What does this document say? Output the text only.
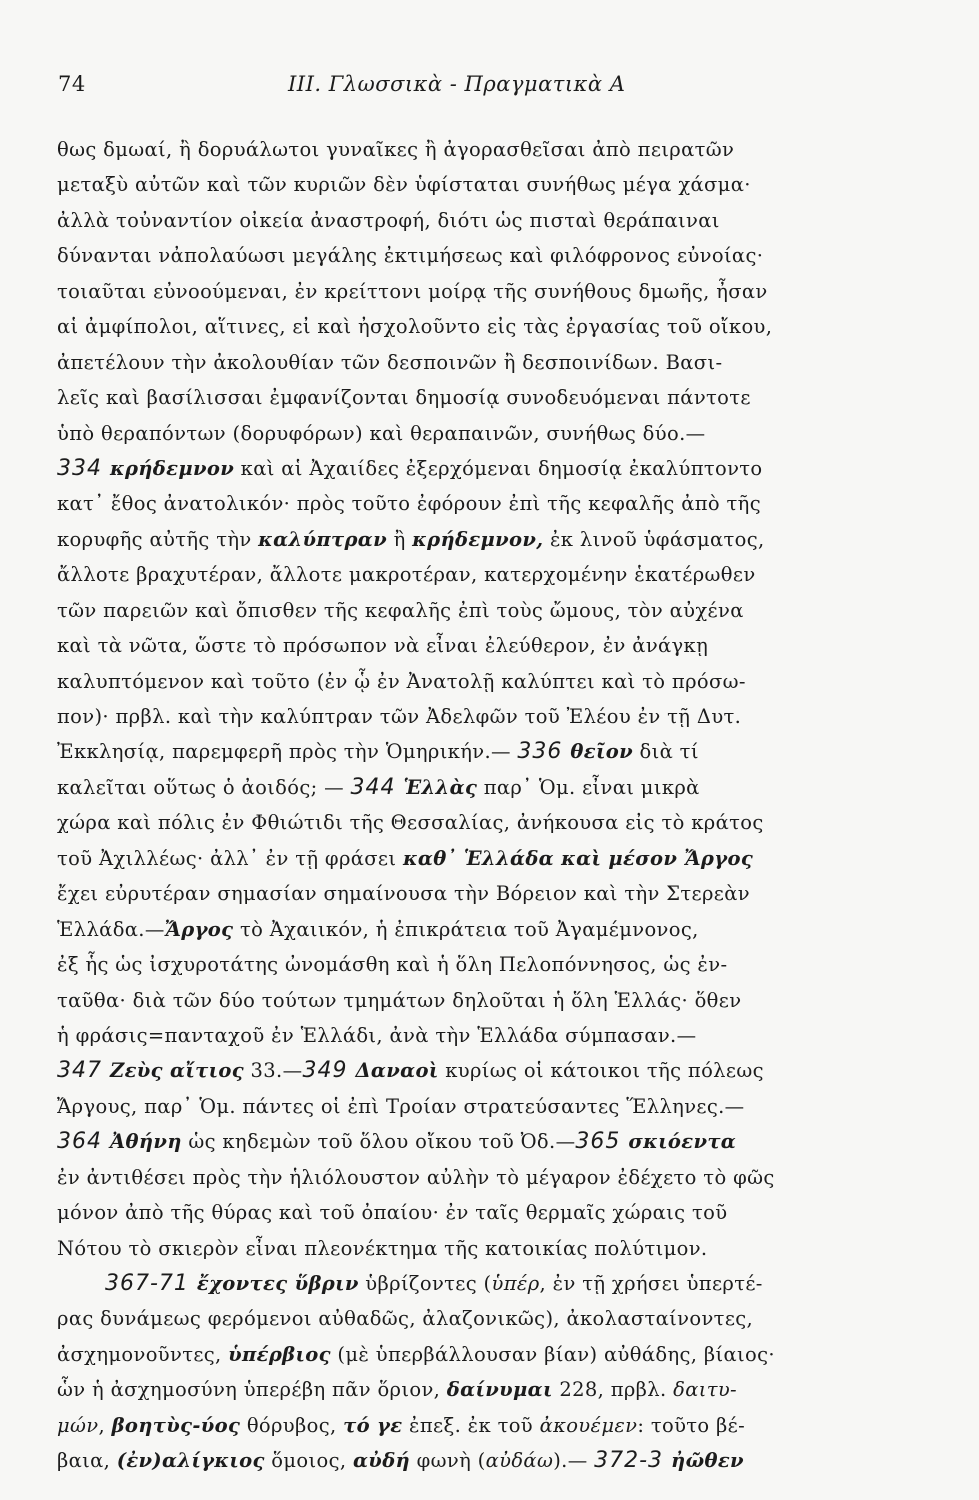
74	III. Γλωσσικὰ - Πραγματικὰ Α
θως δμωαί, ἢ δορυάλωτοι γυναῖκες ἢ ἀγορασθεῖσαι ἀπὸ πειρατῶν
μεταξὺ αὐτῶν καὶ τῶν κυριῶν δὲν ὑφίσταται συνήθως μέγα χάσμα·
ἀλλὰ τοὐναντίον οἰκεία ἀναστροφή, διότι ὡς πισταὶ θεράπαιναι
δύνανται νἀπολαύωσι μεγάλης ἐκτιμήσεως καὶ φιλόφρονος εὐνοίας·
τοιαῦται εὐνοούμεναι, ἐν κρείττονι μοίρᾳ τῆς συνήθους δμωῆς, ἦσαν
αἱ ἀμφίπολοι, αἵτινες, εἰ καὶ ἠσχολοῦντο εἰς τὰς ἐργασίας τοῦ οἴκου,
ἀπετέλουν τὴν ἀκολουθίαν τῶν δεσποινῶν ἢ δεσποινίδων. Βασι-
λεῖς καὶ βασίλισσαι ἐμφανίζονται δημοσίᾳ συνοδευόμεναι πάντοτε
ὑπὸ θεραπόντων (δορυφόρων) καὶ θεραπαινῶν, συνήθως δύο.—
334 κρήδεμνον καὶ αἱ Ἀχαιίδες ἐξερχόμεναι δημοσίᾳ ἐκαλύπτοντο
κατ᾽ ἔθος ἀνατολικόν· πρὸς τοῦτο ἐφόρουν ἐπὶ τῆς κεφαλῆς ἀπὸ τῆς
κορυφῆς αὐτῆς τὴν καλύπτραν ἢ κρήδεμνον, ἐκ λινοῦ ὑφάσματος,
ἄλλοτε βραχυτέραν, ἄλλοτε μακροτέραν, κατερχομένην ἑκατέρωθεν
τῶν παρειῶν καὶ ὄπισθεν τῆς κεφαλῆς ἐπὶ τοὺς ὤμους, τὸν αὐχένα
καὶ τὰ νῶτα, ὥστε τὸ πρόσωπον νὰ εἶναι ἐλεύθερον, ἐν ἀνάγκῃ
καλυπτόμενον καὶ τοῦτο (ἐν ᾧ ἐν Ἀνατολῇ καλύπτει καὶ τὸ πρόσω-
πον)· πρβλ. καὶ τὴν καλύπτραν τῶν Ἀδελφῶν τοῦ Ἐλέου ἐν τῇ Δυτ.
Ἐκκλησίᾳ, παρεμφερῆ πρὸς τὴν Ὁμηρικήν.— 336 θεῖον διὰ τί
καλεῖται οὕτως ὁ ἀοιδός; — 344 Ἑλλὰς παρ᾽ Ὁμ. εἶναι μικρὰ
χώρα καὶ πόλις ἐν Φθιώτιδι τῆς Θεσσαλίας, ἀνήκουσα εἰς τὸ κράτος
τοῦ Ἀχιλλέως· ἀλλ᾽ ἐν τῇ φράσει καθ᾽ Ἑλλάδα καὶ μέσον Ἄργος
ἔχει εὐρυτέραν σημασίαν σημαίνουσα τὴν Βόρειον καὶ τὴν Στερεὰν
Ἑλλάδα.—Ἄργος τὸ Ἀχαιικόν, ἡ ἐπικράτεια τοῦ Ἀγαμέμνονος,
ἐξ ἧς ὡς ἰσχυροτάτης ὠνομάσθη καὶ ἡ ὅλη Πελοπόννησος, ὡς ἐν-
ταῦθα· διὰ τῶν δύο τούτων τμημάτων δηλοῦται ἡ ὅλη Ἑλλάς· ὅθεν
ἡ φράσις=πανταχοῦ ἐν Ἑλλάδι, ἀνὰ τὴν Ἑλλάδα σύμπασαν.—
347 Ζεὺς αἴτιος 33.—349 Δαναοὶ κυρίως οἱ κάτοικοι τῆς πόλεως
Ἄργους, παρ᾽ Ὁμ. πάντες οἱ ἐπὶ Τροίαν στρατεύσαντες Ἕλληνες.—
364 Ἀθήνη ὡς κηδεμὼν τοῦ ὅλου οἴκου τοῦ Ὀδ.—365 σκιόεντα
ἐν ἀντιθέσει πρὸς τὴν ἡλιόλουστον αὐλὴν τὸ μέγαρον ἐδέχετο τὸ φῶς
μόνον ἀπὸ τῆς θύρας καὶ τοῦ ὀπαίου· ἐν ταῖς θερμαῖς χώραις τοῦ
Νότου τὸ σκιερὸν εἶναι πλεονέκτημα τῆς κατοικίας πολύτιμον.
367-71 ἔχοντες ὕβριν ὑβρίζοντες (ὑπέρ, ἐν τῇ χρήσει ὑπερτέ-
ρας δυνάμεως φερόμενοι αὐθαδῶς, ἀλαζονικῶς), ἀκολασταίνοντες,
ἀσχημονοῦντες, ὑπέρβιος (μὲ ὑπερβάλλουσαν βίαν) αὐθάδης, βίαιος·
ὧν ἡ ἀσχημοσύνη ὑπερέβη πᾶν ὅριον, δαίνυμαι 228, πρβλ. δαιτυ-
μών, βοητὺς-ύος θόρυβος, τό γε ἐπεξ. ἐκ τοῦ ἀκουέμεν: τοῦτο βέ-
βαια, (ἐν)αλίγκιος ὅμοιος, αὐδή φωνὴ (αὐδάω).— 372-3 ἠῶθεν
